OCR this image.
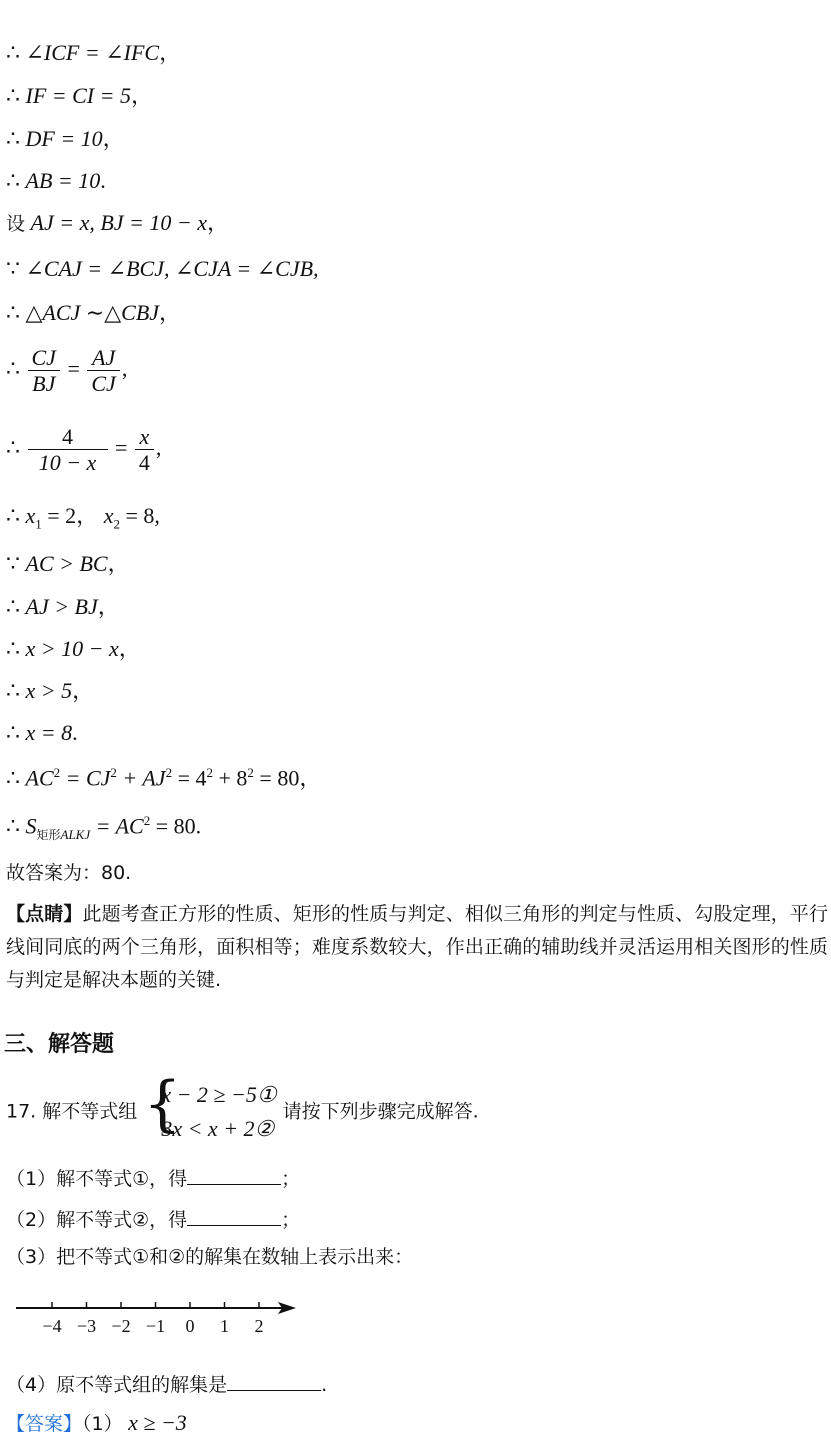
∴ ∠ICF = ∠IFC，
∴ IF = CI = 5，
∴ DF = 10，
∴ AB = 10.
设 AJ = x, BJ = 10 − x，
∵ ∠CAJ = ∠BCJ, ∠CJA = ∠CJB,
∴ △ACJ ∼△CBJ，
∴ $\frac{CJ}{BJ} = \frac{AJ}{CJ}$ ,
∴ $\frac{4}{10 - x} = \frac{x}{4}$ ,
∴ $x_1 = 2$， $x_2 = 8$,
∵ AC > BC，
∴ AJ > BJ，
∴ x > 10 − x，
∴ x > 5，
∴ x = 8.
∴ $AC^2 = CJ^2 + AJ^2 = 4^2 + 8^2 = 80$，
∴ $S_{矩形ALKJ} = AC^2 = 80$.
故答案为：80.
【点睛】此题考查正方形的性质、矩形的性质与判定、相似三角形的判定与性质、勾股定理，平行线间同底的两个三角形，面积相等；难度系数较大，作出正确的辅助线并灵活运用相关图形的性质与判定是解决本题的关键.
三、解答题
17. 解不等式组 {
x − 2 ≥ −5①
3x < x + 2②
请按下列步骤完成解答.
（1）解不等式①，得	；
（2）解不等式②，得	；
（3）把不等式①和②的解集在数轴上表示出来：
−4 −3 −2 −1 0 1 2
（4）原不等式组的解集是	.
【答案】（1） x ≥ −3
